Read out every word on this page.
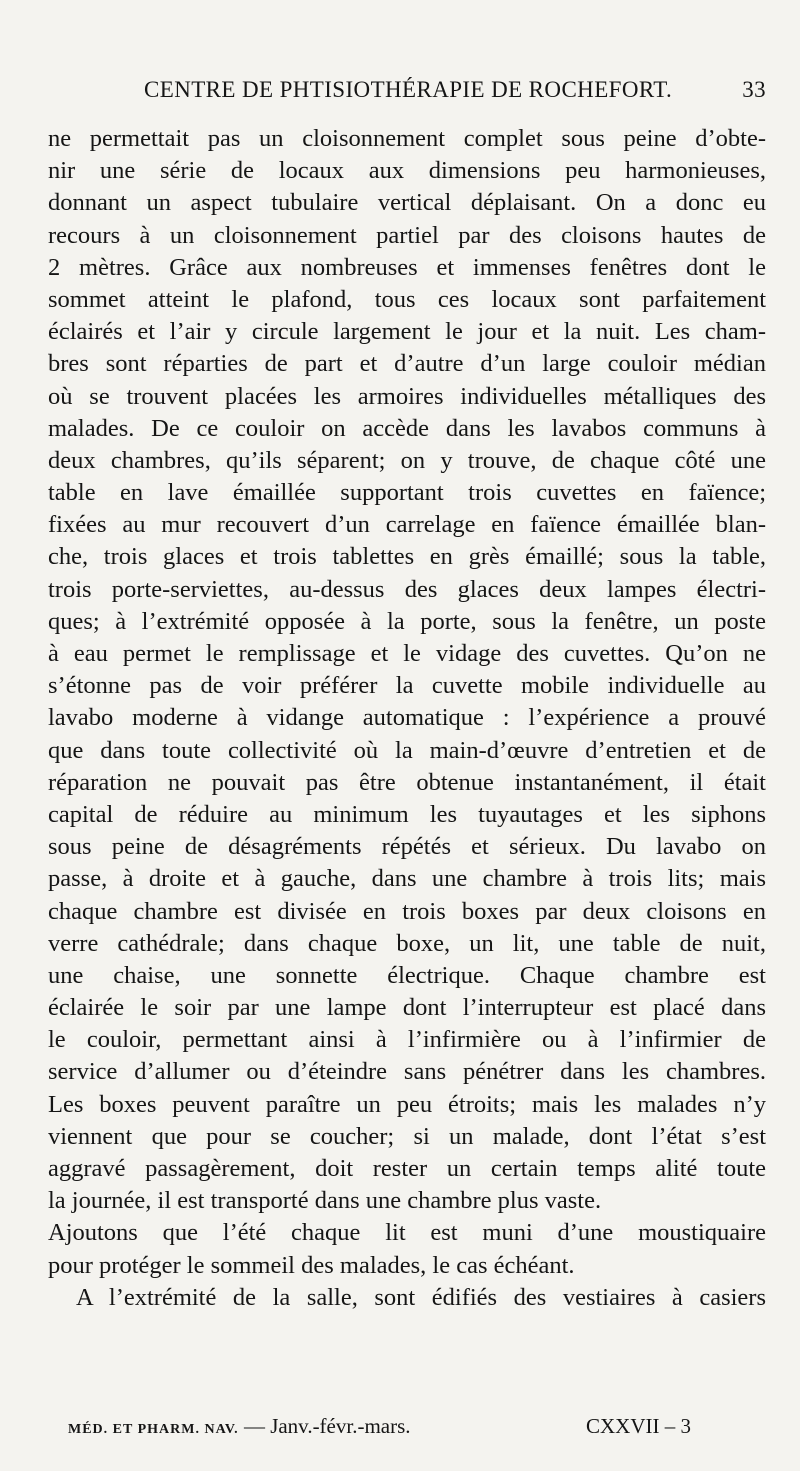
CENTRE DE PHTISIOTHÉRAPIE DE ROCHEFORT.	33
ne permettait pas un cloisonnement complet sous peine d’obte-
nir une série de locaux aux dimensions peu harmonieuses,
donnant un aspect tubulaire vertical déplaisant. On a donc eu
recours à un cloisonnement partiel par des cloisons hautes de
2 mètres. Grâce aux nombreuses et immenses fenêtres dont le
sommet atteint le plafond, tous ces locaux sont parfaitement
éclairés et l’air y circule largement le jour et la nuit. Les cham-
bres sont réparties de part et d’autre d’un large couloir médian
où se trouvent placées les armoires individuelles métalliques des
malades. De ce couloir on accède dans les lavabos communs à
deux chambres, qu’ils séparent; on y trouve, de chaque côté une
table en lave émaillée supportant trois cuvettes en faïence;
fixées au mur recouvert d’un carrelage en faïence émaillée blan-
che, trois glaces et trois tablettes en grès émaillé; sous la table,
trois porte-serviettes, au-dessus des glaces deux lampes électri-
ques; à l’extrémité opposée à la porte, sous la fenêtre, un poste
à eau permet le remplissage et le vidage des cuvettes. Qu’on ne
s’étonne pas de voir préférer la cuvette mobile individuelle au
lavabo moderne à vidange automatique : l’expérience a prouvé
que dans toute collectivité où la main-d’œuvre d’entretien et de
réparation ne pouvait pas être obtenue instantanément, il était
capital de réduire au minimum les tuyautages et les siphons
sous peine de désagréments répétés et sérieux. Du lavabo on
passe, à droite et à gauche, dans une chambre à trois lits; mais
chaque chambre est divisée en trois boxes par deux cloisons en
verre cathédrale; dans chaque boxe, un lit, une table de nuit,
une chaise, une sonnette électrique. Chaque chambre est
éclairée le soir par une lampe dont l’interrupteur est placé dans
le couloir, permettant ainsi à l’infirmière ou à l’infirmier de
service d’allumer ou d’éteindre sans pénétrer dans les chambres.
Les boxes peuvent paraître un peu étroits; mais les malades n’y
viennent que pour se coucher; si un malade, dont l’état s’est
aggravé passagèrement, doit rester un certain temps alité toute
la journée, il est transporté dans une chambre plus vaste.
Ajoutons que l’été chaque lit est muni d’une moustiquaire
pour protéger le sommeil des malades, le cas échéant.
A l’extrémité de la salle, sont édifiés des vestiaires à casiers
MÉD. ET PHARM. NAV. — Janv.-févr.-mars.	CXXVII – 3
